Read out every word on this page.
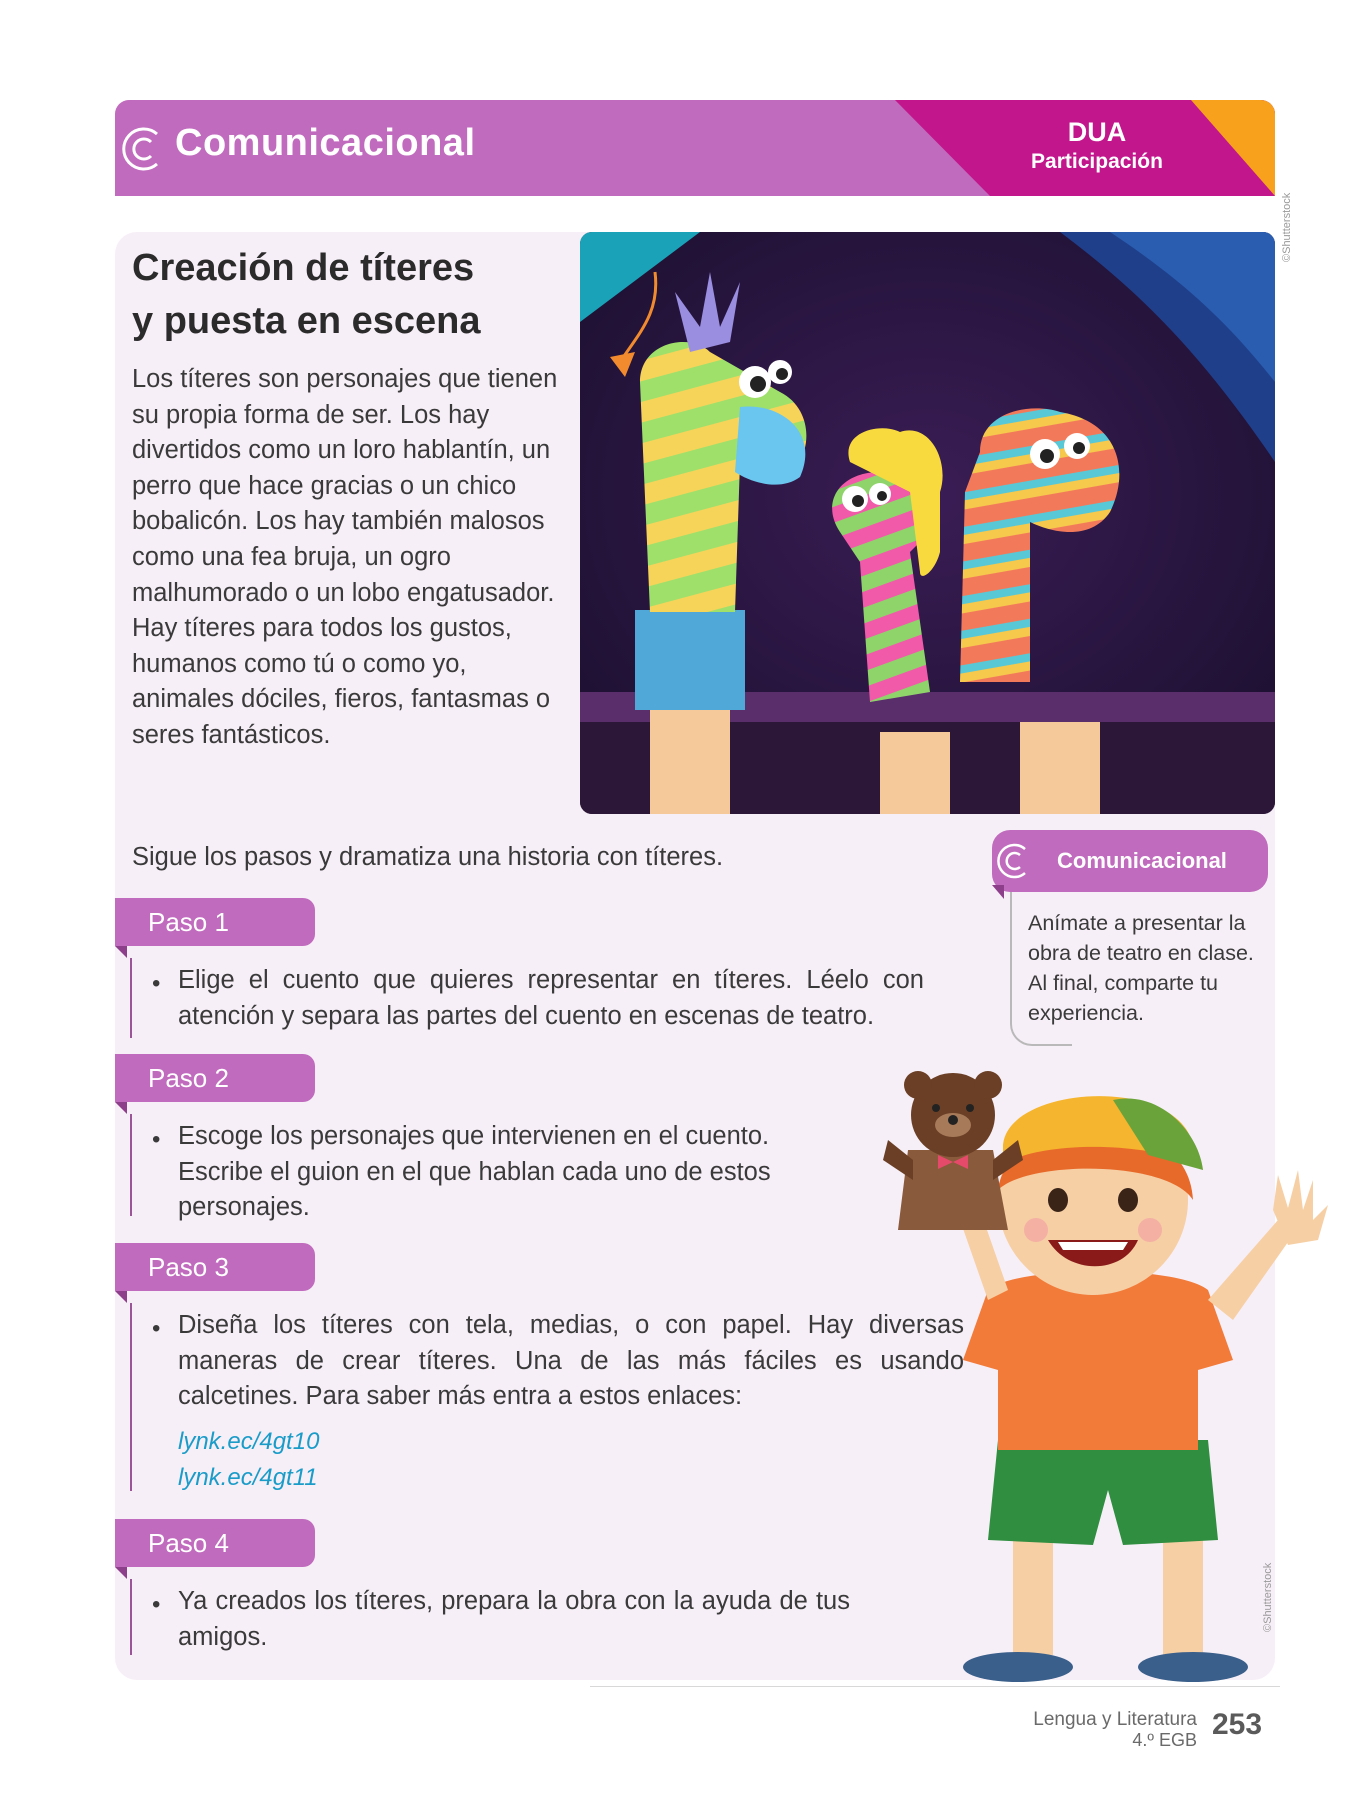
Comunicacional	DUA
Participación
Creación de títeres
y puesta en escena

Los títeres son personajes que tienen su propia forma de ser. Los hay divertidos como un loro hablantín, un perro que hace gracias o un chico bobalicón. Los hay también malosos como una fea bruja, un ogro malhumorado o un lobo engatusador. Hay títeres para todos los gustos, humanos como tú o como yo, animales dóciles, fieros, fantasmas o seres fantásticos.

©Shutterstock
Sigue los pasos y dramatiza una historia con títeres.
Paso 1
• Elige el cuento que quieres representar en títeres. Léelo con atención y separa las partes del cuento en escenas de teatro.

Paso 2
• Escoge los personajes que intervienen en el cuento. Escribe el guion en el que hablan cada uno de estos personajes.

Paso 3
• Diseña los títeres con tela, medias, o con papel. Hay diversas maneras de crear títeres. Una de las más fáciles es usando calcetines. Para saber más entra a estos enlaces:

lynk.ec/4gt10
lynk.ec/4gt11
Paso 4
• Ya creados los títeres, prepara la obra con la ayuda de tus amigos.

Comunicacional

Anímate a presentar la obra de teatro en clase. Al final, comparte tu experiencia.

©Shutterstock
Lengua y Literatura
4.º EGB 253
